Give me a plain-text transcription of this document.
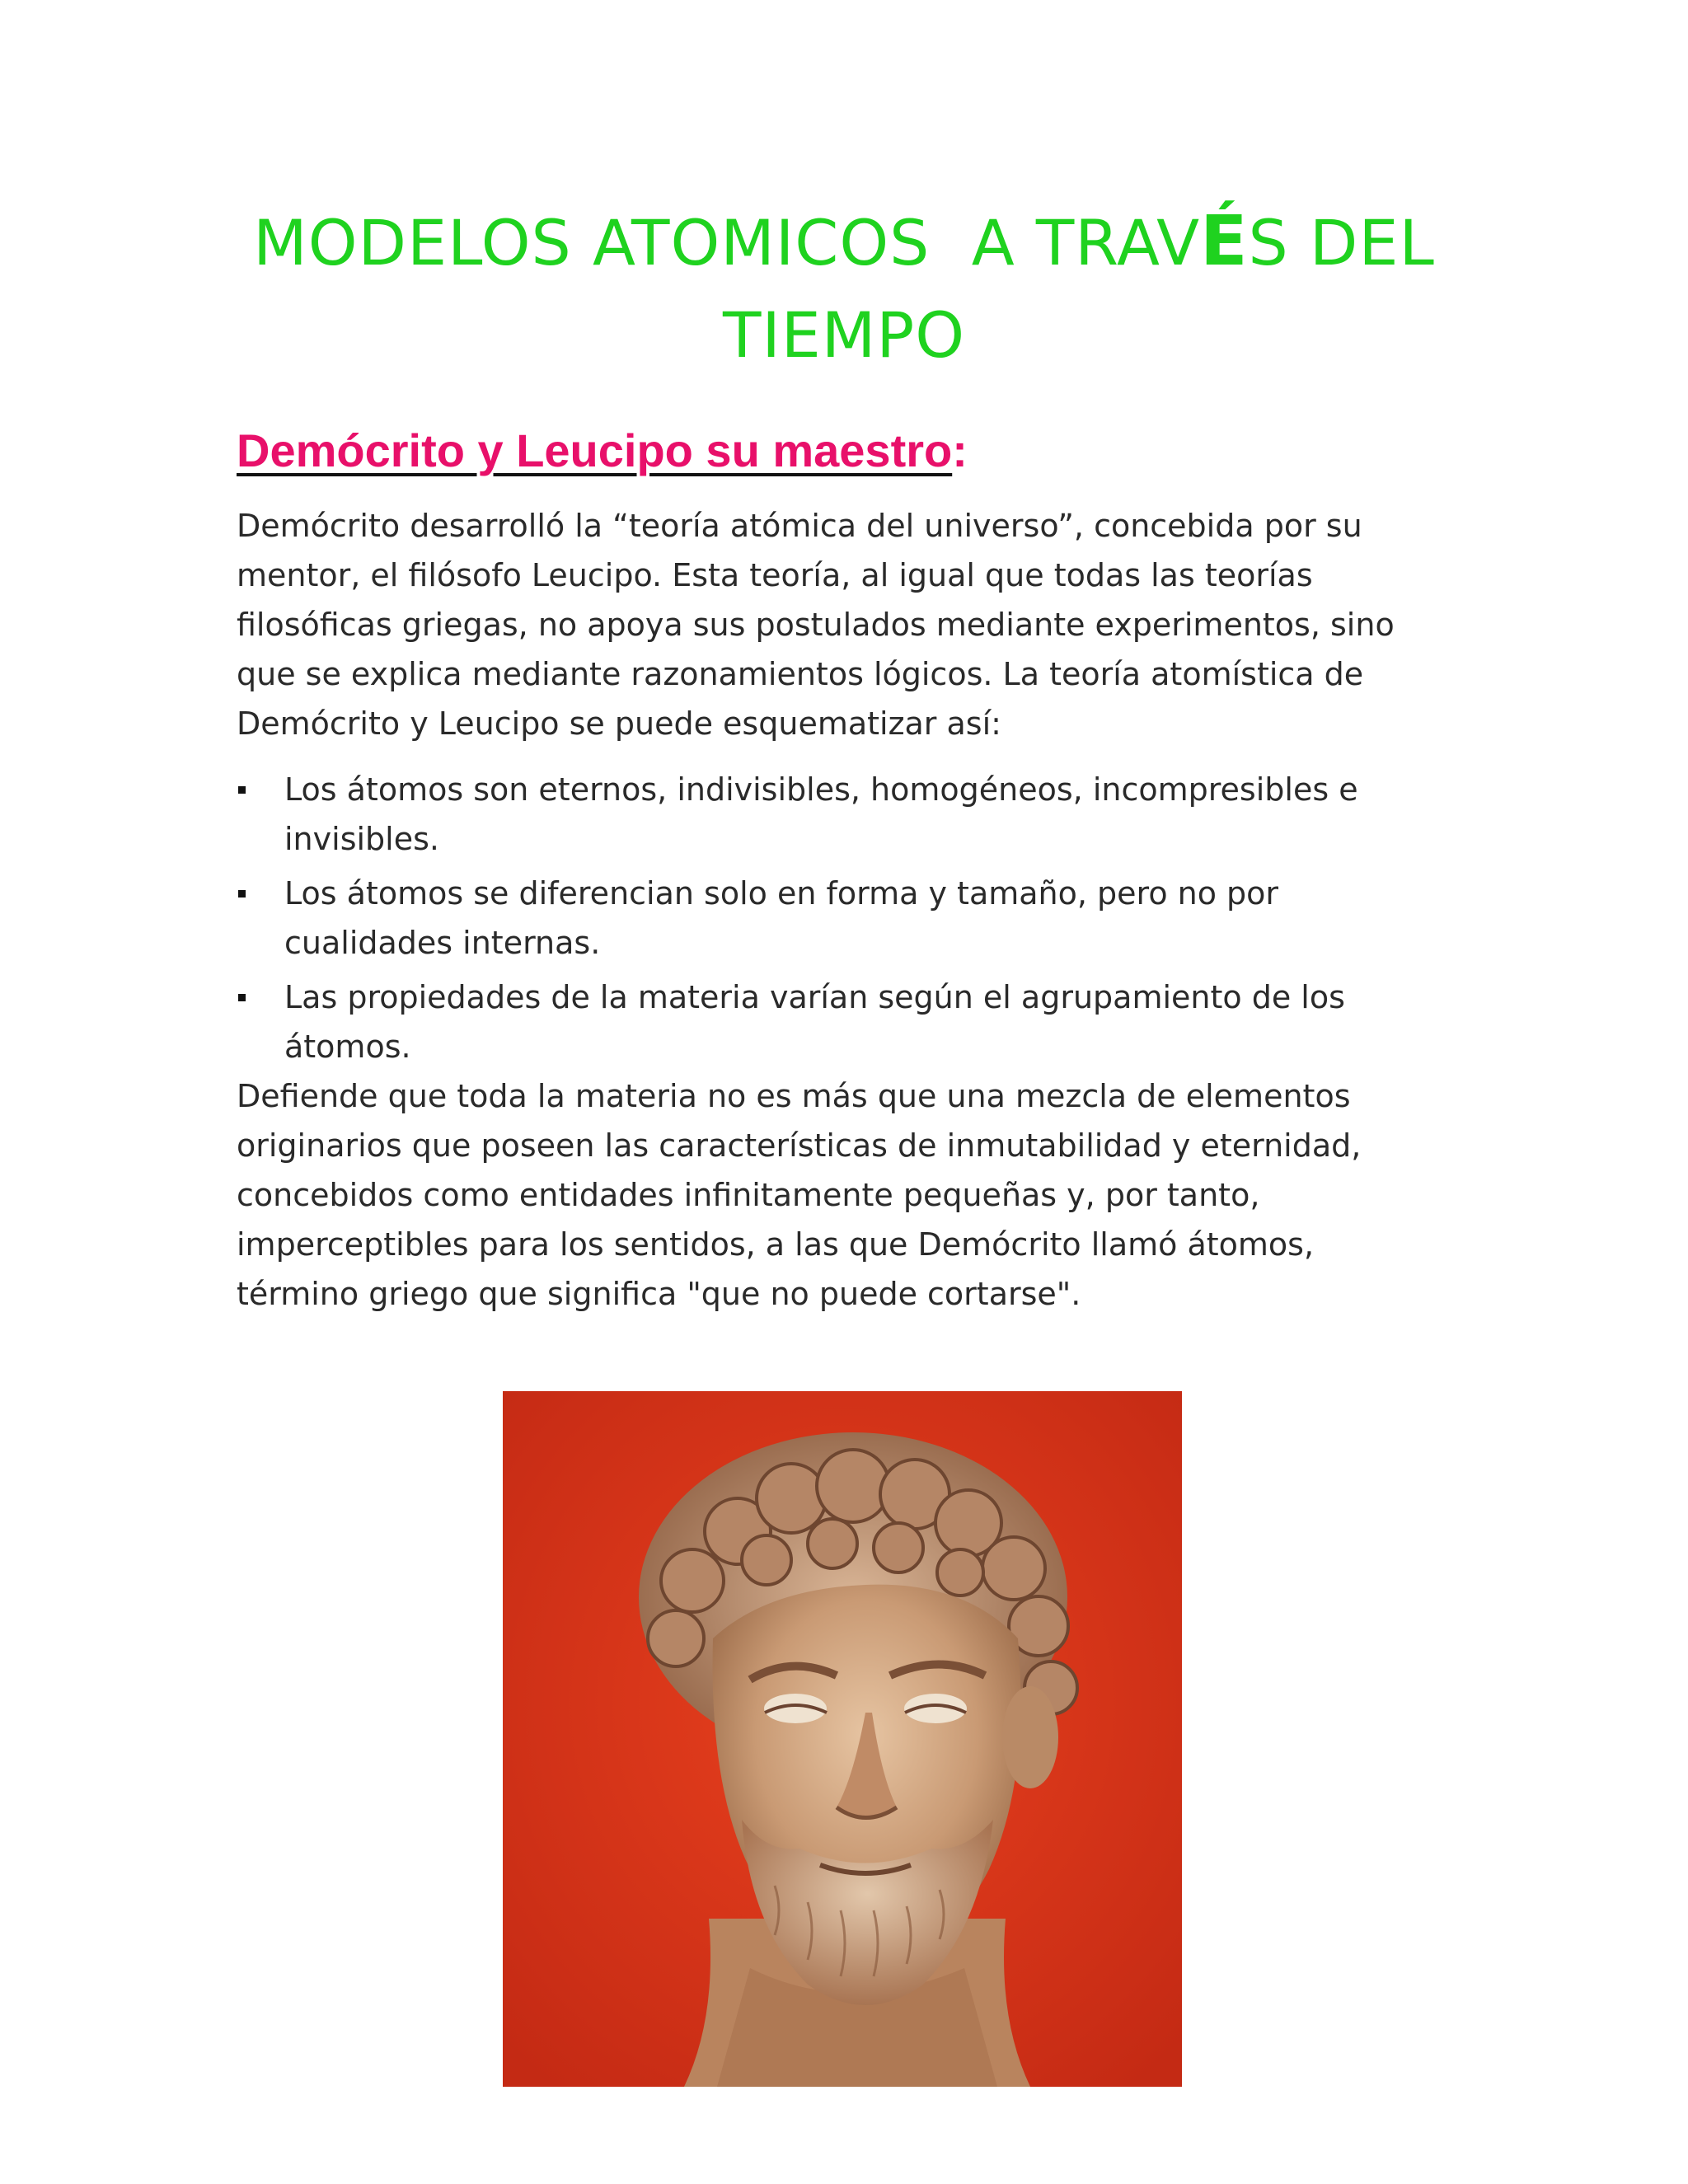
MODELOS ATOMICOS  A TRAVÉS DEL
TIEMPO
Demócrito y Leucipo su maestro:

Demócrito desarrolló la “teoría atómica del universo”, concebida por su mentor, el filósofo Leucipo. Esta teoría, al igual que todas las teorías filosóficas griegas, no apoya sus postulados mediante experimentos, sino que se explica mediante razonamientos lógicos. La teoría atomística de Demócrito y Leucipo se puede esquematizar así:

Los átomos son eternos, indivisibles, homogéneos, incompresibles e invisibles.
Los átomos se diferencian solo en forma y tamaño, pero no por cualidades internas.
Las propiedades de la materia varían según el agrupamiento de los átomos.

Defiende que toda la materia no es más que una mezcla de elementos originarios que poseen las características de inmutabilidad y eternidad, concebidos como entidades infinitamente pequeñas y, por tanto, imperceptibles para los sentidos, a las que Demócrito llamó átomos, término griego que significa "que no puede cortarse".
